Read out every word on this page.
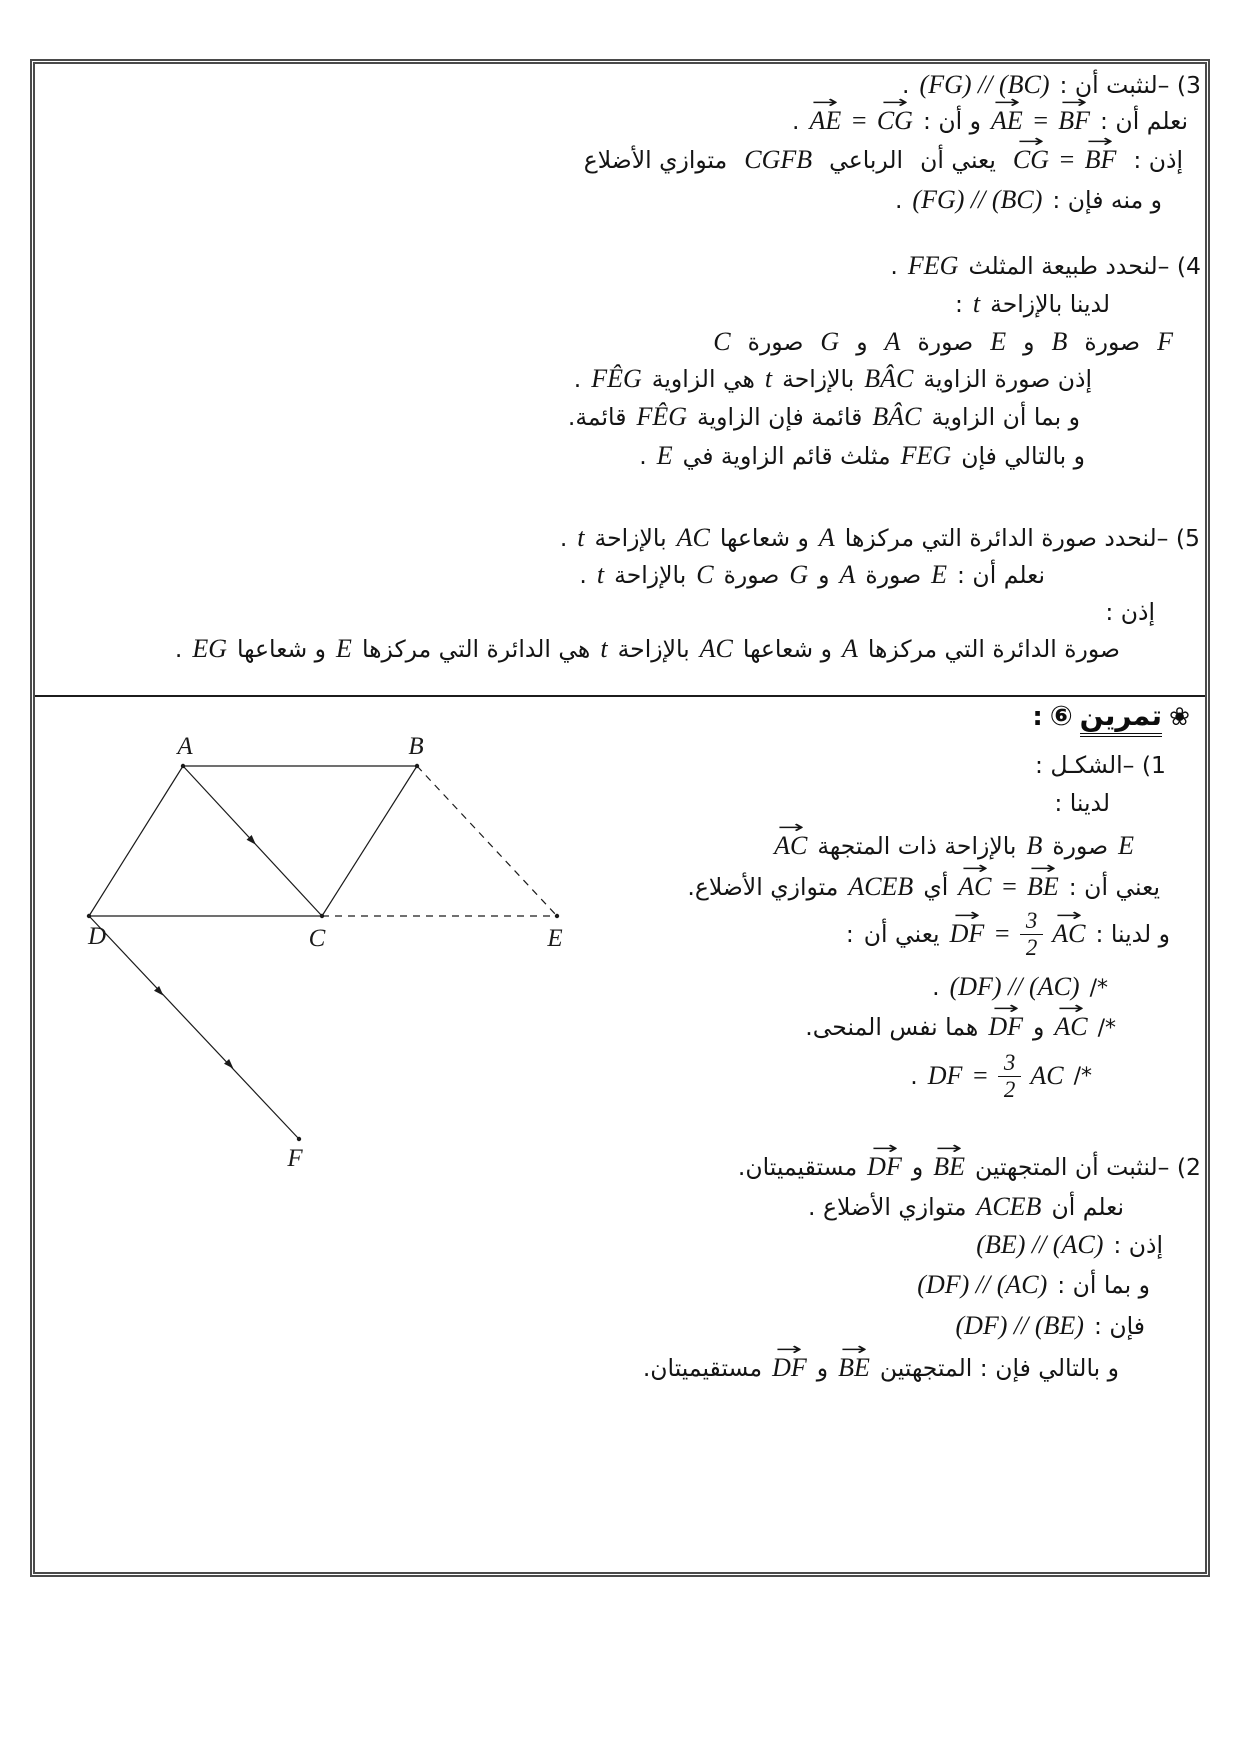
3) –لنثبت أن :
(FG) // (BC)
.
نعلم أن :
→ AE = → BF
و أن :
→ AE = → CG
.
إذن :
→ CG = → BF
يعني أن
الرباعي
CGFB
متوازي الأضلاع
و منه فإن :
(FG) // (BC)
.
4) –لنحدد طبيعة المثلث
FEG
.
لدينا بالإزاحة
t
:
F
صورة
B
و
E
صورة
A
و
G
صورة
C
إذن صورة الزاوية
BÂC
بالإزاحة
t
هي الزاوية
FÊG
.
و بما أن الزاوية
BÂC
قائمة فإن الزاوية
FÊG
قائمة.
و بالتالي فإن
FEG
مثلث قائم الزاوية في
E
.
5) –لنحدد صورة الدائرة التي مركزها
A
و شعاعها
AC
بالإزاحة
t
.
نعلم أن :
E
صورة
A
و
G
صورة
C
بالإزاحة
t
.
إذن :
صورة الدائرة التي مركزها
A
و شعاعها
AC
بالإزاحة
t
هي الدائرة التي مركزها
E
و شعاعها
EG
.
❀
تمرين
⑥
:
A	B
D	C	E
F
1) –الشكـل :
لدينا :
E
صورة
B
بالإزاحة ذات المتجهة
→ AC
يعني أن :
→ AC = → BE
أي
ACEB
متوازي الأضلاع.
و لدينا :
→ DF = $\frac{3}{2}$ → AC
يعني أن
:
*/
(DF) // (AC)
.
*/
→ AC
و
→ DF
هما نفس المنحى.
*/
DF = $\frac{3}{2}$ AC
.
2) –لنثبت أن المتجهتين
→ BE
و
→ DF
مستقيميتان.
نعلم أن
ACEB
متوازي الأضلاع .
إذن :
(BE) // (AC)
و بما أن :
(DF) // (AC)
فإن :
(DF) // (BE)
و بالتالي فإن : المتجهتين
→ BE
و
→ DF
مستقيميتان.
